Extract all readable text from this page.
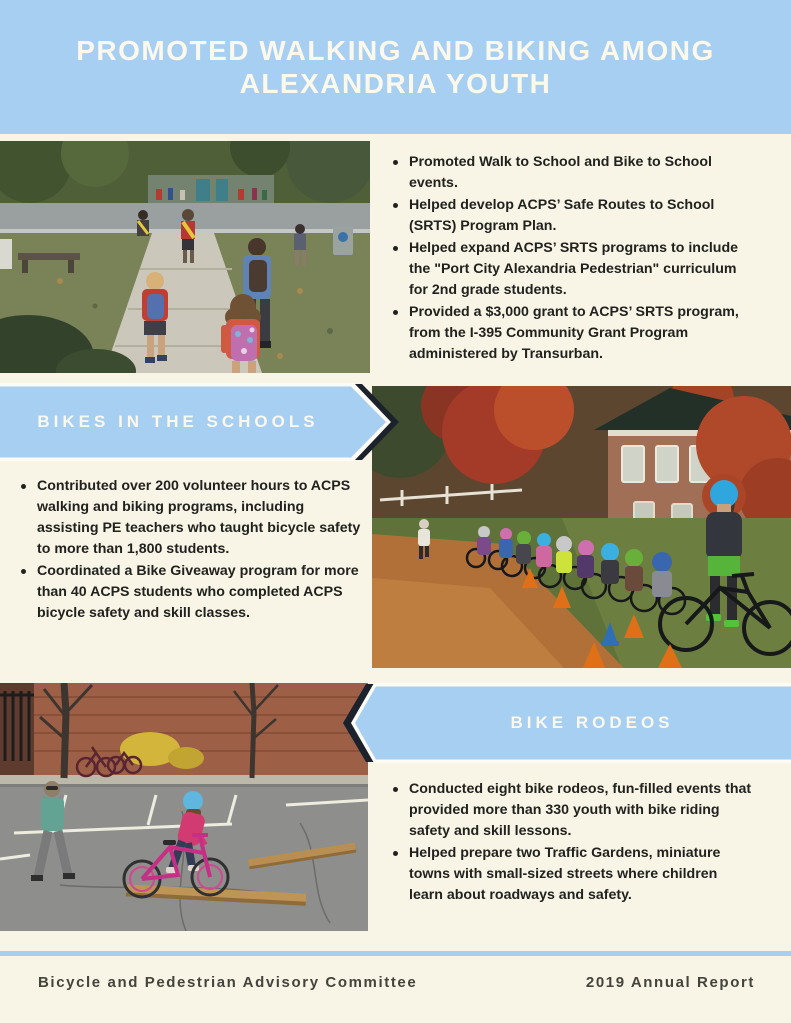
PROMOTED WALKING AND BIKING AMONG ALEXANDRIA YOUTH
Promoted Walk to School and Bike to School events.
Helped develop ACPS’ Safe Routes to School (SRTS) Program Plan.
Helped expand ACPS’ SRTS programs to include the "Port City Alexandria Pedestrian" curriculum for 2nd grade students.
Provided a $3,000 grant to ACPS’ SRTS program, from the I-395 Community Grant Program administered by Transurban.
BIKES IN THE SCHOOLS
Contributed over 200 volunteer hours to ACPS walking and biking programs, including assisting PE teachers who taught bicycle safety to more than 1,800 students.
Coordinated a Bike Giveaway program for more than 40 ACPS students who completed ACPS bicycle safety and skill classes.
BIKE RODEOS
Conducted eight bike rodeos, fun-filled events that provided more than 330 youth with bike riding safety and skill lessons.
Helped prepare two Traffic Gardens, miniature towns with small-sized streets where children learn about roadways and safety.
Bicycle and Pedestrian Advisory Committee	2019 Annual Report
